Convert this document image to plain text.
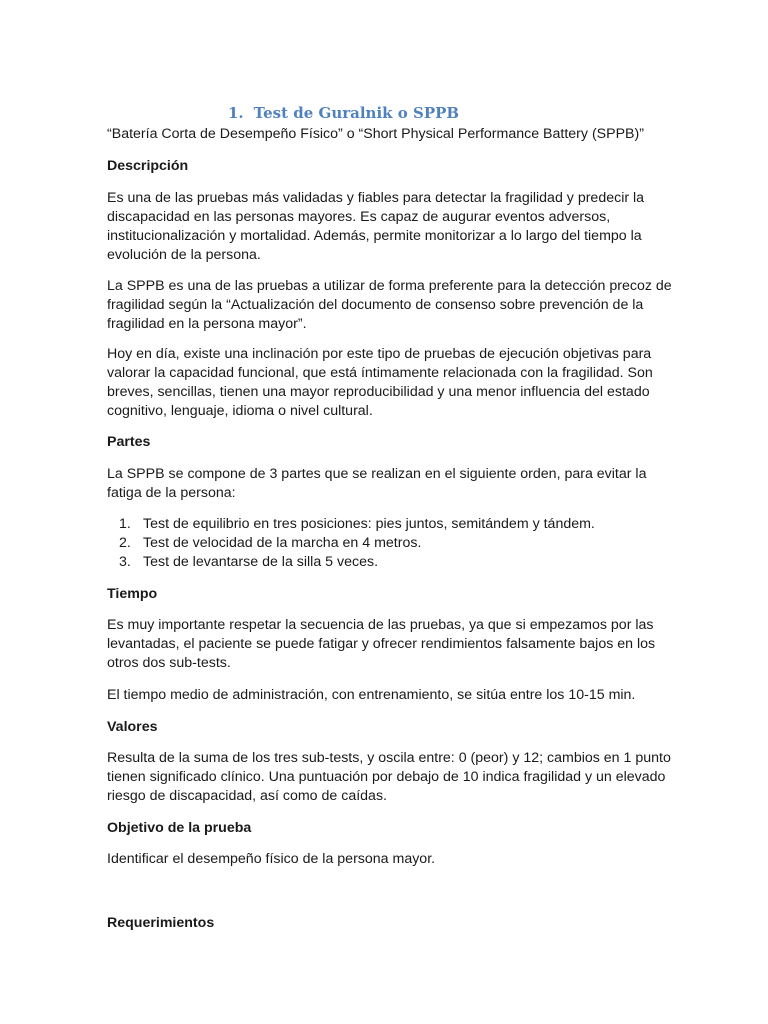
1. Test de Guralnik o SPPB
“Batería Corta de Desempeño Físico” o “Short Physical Performance Battery (SPPB)”
Descripción
Es una de las pruebas más validadas y fiables para detectar la fragilidad y predecir la
discapacidad en las personas mayores. Es capaz de augurar eventos adversos,
institucionalización y mortalidad. Además, permite monitorizar a lo largo del tiempo la
evolución de la persona.
La SPPB es una de las pruebas a utilizar de forma preferente para la detección precoz de
fragilidad según la “Actualización del documento de consenso sobre prevención de la
fragilidad en la persona mayor”.
Hoy en día, existe una inclinación por este tipo de pruebas de ejecución objetivas para
valorar la capacidad funcional, que está íntimamente relacionada con la fragilidad. Son
breves, sencillas, tienen una mayor reproducibilidad y una menor influencia del estado
cognitivo, lenguaje, idioma o nivel cultural.
Partes
La SPPB se compone de 3 partes que se realizan en el siguiente orden, para evitar la
fatiga de la persona:
1. Test de equilibrio en tres posiciones: pies juntos, semitándem y tándem.
2. Test de velocidad de la marcha en 4 metros.
3. Test de levantarse de la silla 5 veces.
Tiempo
Es muy importante respetar la secuencia de las pruebas, ya que si empezamos por las
levantadas, el paciente se puede fatigar y ofrecer rendimientos falsamente bajos en los
otros dos sub-tests.
El tiempo medio de administración, con entrenamiento, se sitúa entre los 10-15 min.
Valores
Resulta de la suma de los tres sub-tests, y oscila entre: 0 (peor) y 12; cambios en 1 punto
tienen significado clínico. Una puntuación por debajo de 10 indica fragilidad y un elevado
riesgo de discapacidad, así como de caídas.
Objetivo de la prueba
Identificar el desempeño físico de la persona mayor.
Requerimientos
